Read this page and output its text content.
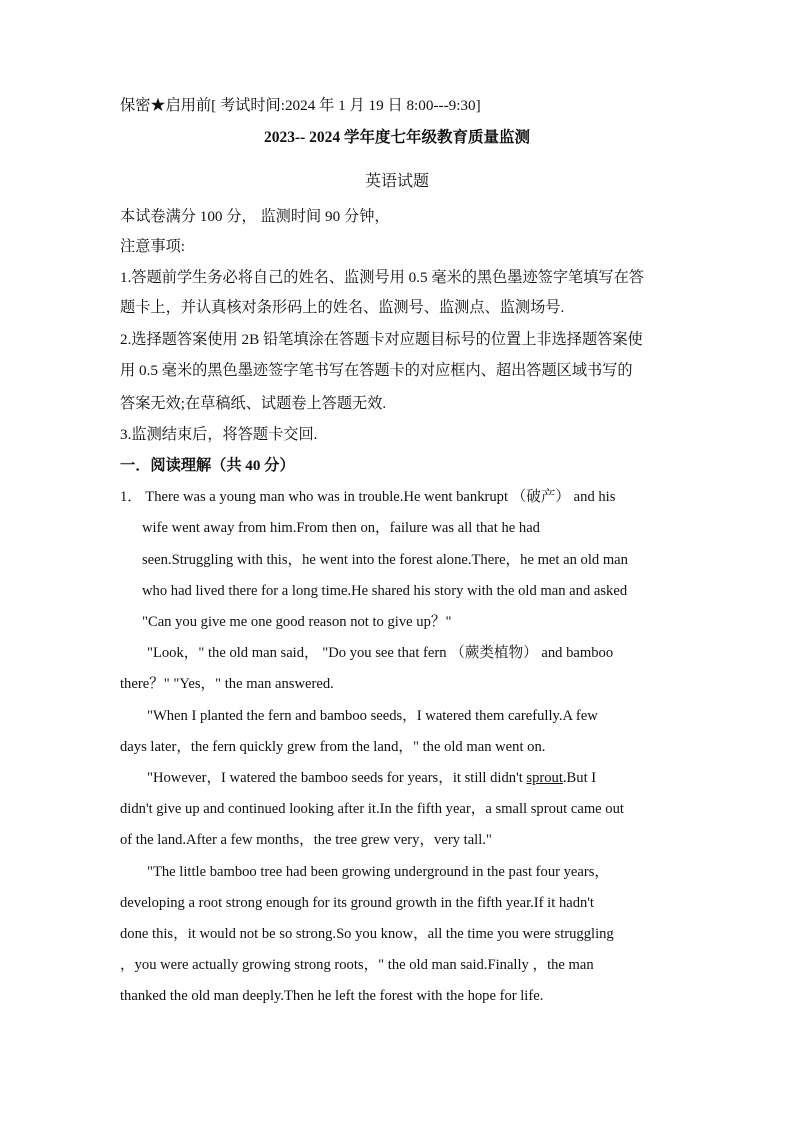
保密★启用前[ 考试时间:2024 年 1 月 19 日 8:00---9:30]
2023-- 2024 学年度七年级教育质量监测
英语试题
本试卷满分 100 分， 监测时间 90 分钟，
注意事项:
1.答题前学生务必将自己的姓名、监测号用 0.5 毫米的黑色墨迹签字笔填写在答
题卡上，并认真核对条形码上的姓名、监测号、监测点、监测场号.
2.选择题答案使用 2B 铅笔填涂在答题卡对应题目标号的位置上非选择题答案使
用 0.5 毫米的黑色墨迹签字笔书写在答题卡的对应框内、超出答题区域书写的
答案无效;在草稿纸、试题卷上答题无效.
3.监测结束后，将答题卡交回.
一．阅读理解（共 40 分）
1． There was a young man who was in trouble.He went bankrupt （破产） and his
wife went away from him.From then on，failure was all that he had
seen.Struggling with this，he went into the forest alone.There，he met an old man
who had lived there for a long time.He shared his story with the old man and asked
"Can you give me one good reason not to give up？"
"Look，" the old man said， "Do you see that fern （蕨类植物） and bamboo
there？" "Yes，" the man answered.
"When I planted the fern and bamboo seeds，I watered them carefully.A few
days later，the fern quickly grew from the land，" the old man went on.
"However，I watered the bamboo seeds for years，it still didn't sprout.But I
didn't give up and continued looking after it.In the fifth year，a small sprout came out
of the land.After a few months，the tree grew very，very tall."
"The little bamboo tree had been growing underground in the past four years，
developing a root strong enough for its ground growth in the fifth year.If it hadn't
done this，it would not be so strong.So you know，all the time you were struggling
，you were actually growing strong roots，" the old man said.Finally ，the man
thanked the old man deeply.Then he left the forest with the hope for life.
